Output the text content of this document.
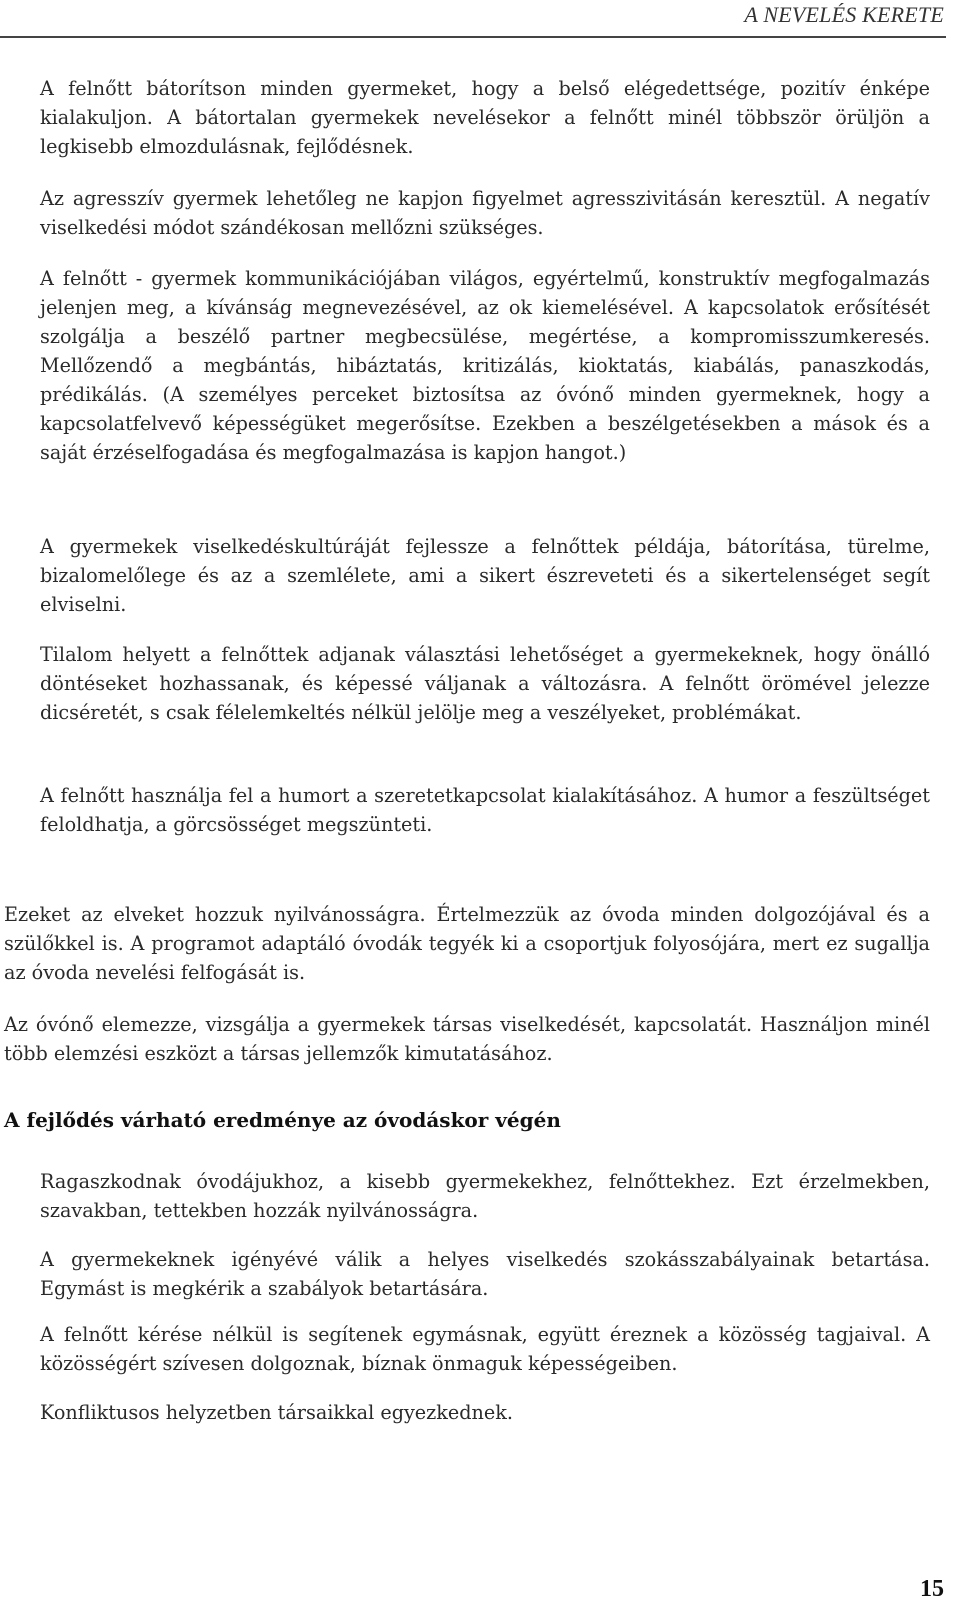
A NEVELÉS KERETE
A felnőtt bátorítson minden gyermeket, hogy a belső elégedettsége, pozitív énképe kialakuljon. A bátortalan gyermekek nevelésekor a felnőtt minél többször örüljön a legkisebb elmozdulásnak, fejlődésnek.
Az agresszív gyermek lehetőleg ne kapjon figyelmet agresszivitásán keresztül. A negatív viselkedési módot szándékosan mellőzni szükséges.
A felnőtt - gyermek kommunikációjában világos, egyértelmű, konstruktív megfogalmazás jelenjen meg, a kívánság megnevezésével, az ok kiemelésével. A kapcsolatok erősítését szolgálja a beszélő partner megbecsülése, megértése, a kompromisszumkeresés. Mellőzendő a megbántás, hibáztatás, kritizálás, kioktatás, kiabálás, panaszkodás, prédikálás. (A személyes perceket biztosítsa az óvónő minden gyermeknek, hogy a kapcsolatfelvevő képességüket megerősítse. Ezekben a beszélgetésekben a mások és a saját érzéselfogadása és megfogalmazása is kapjon hangot.)
A gyermekek viselkedéskultúráját fejlessze a felnőttek példája, bátorítása, türelme, bizalomelőlege és az a szemlélete, ami a sikert észreveteti és a sikertelenséget segít elviselni.
Tilalom helyett a felnőttek adjanak választási lehetőséget a gyermekeknek, hogy önálló döntéseket hozhassanak, és képessé váljanak a változásra. A felnőtt örömével jelezze dicséretét, s csak félelemkeltés nélkül jelölje meg a veszélyeket, problémákat.
A felnőtt használja fel a humort a szeretetkapcsolat kialakításához. A humor a feszültséget feloldhatja, a görcsösséget megszünteti.
Ezeket az elveket hozzuk nyilvánosságra. Értelmezzük az óvoda minden dolgozójával és a szülőkkel is. A programot adaptáló óvodák tegyék ki a csoportjuk folyosójára, mert ez sugallja az óvoda nevelési felfogását is.
Az óvónő elemezze, vizsgálja a gyermekek társas viselkedését, kapcsolatát. Használjon minél több elemzési eszközt a társas jellemzők kimutatásához.
A fejlődés várható eredménye az óvodáskor végén
Ragaszkodnak óvodájukhoz, a kisebb gyermekekhez, felnőttekhez. Ezt érzelmekben, szavakban, tettekben hozzák nyilvánosságra.
A gyermekeknek igényévé válik a helyes viselkedés szokásszabályainak betartása. Egymást is megkérik a szabályok betartására.
A felnőtt kérése nélkül is segítenek egymásnak, együtt éreznek a közösség tagjaival. A közösségért szívesen dolgoznak, bíznak önmaguk képességeiben.
Konfliktusos helyzetben társaikkal egyezkednek.
15
